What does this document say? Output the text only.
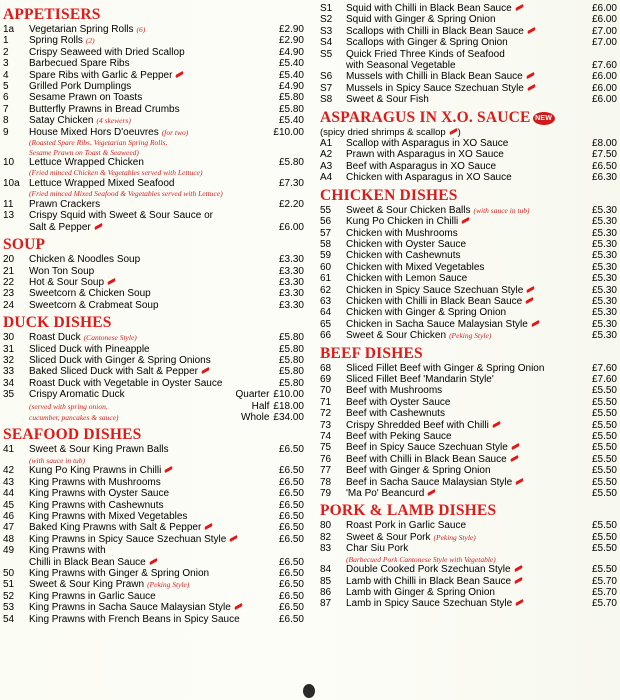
APPETISERS
1a	Vegetarian Spring Rolls (6)	£2.90
1	Spring Rolls (2)	£2.90
2	Crispy Seaweed with Dried Scallop	£4.90
3	Barbecued Spare Ribs	£5.40
4	Spare Ribs with Garlic & Pepper	£5.40
5	Grilled Pork Dumplings	£4.90
6	Sesame Prawn on Toasts	£5.80
7	Butterfly Prawns in Bread Crumbs	£5.80
8	Satay Chicken (4 skewers)	£5.40
9	House Mixed Hors D'oeuvres (for two)	£10.00
(Roasted Spare Ribs, Vegetarian Spring Rolls,
Sesame Prawn on Toast & Seaweed)
10	Lettuce Wrapped Chicken	£5.80
(Fried minced Chicken & Vegetables served with Lettuce)
10a Lettuce Wrapped Mixed Seafood	£7.30
(Fried minced Mixed Seafood & Vegetables served with Lettuce)
11	Prawn Crackers	£2.20
13	Crispy Squid with Sweet & Sour Sauce or
Salt & Pepper	£6.00
SOUP
20	Chicken & Noodles Soup	£3.30
21	Won Ton Soup	£3.30
22	Hot & Sour Soup	£3.30
23	Sweetcorn & Chicken Soup	£3.30
24	Sweetcorn & Crabmeat Soup	£3.30
DUCK DISHES
30	Roast Duck (Cantonese Style)	£5.80
31	Sliced Duck with Pineapple	£5.80
32	Sliced Duck with Ginger & Spring Onions	£5.80
33	Baked Sliced Duck with Salt & Pepper	£5.80
34	Roast Duck with Vegetable in Oyster Sauce	£5.80
35	Crispy Aromatic Duck	Quarter £10.00
(served with spring onion,	Half £18.00
cucumber, pancakes & sauce)	Whole £34.00
SEAFOOD DISHES
41	Sweet & Sour King Prawn Balls	£6.50
(with sauce in tub)
42	Kung Po King Prawns in Chilli	£6.50
43	King Prawns with Mushrooms	£6.50
44	King Prawns with Oyster Sauce	£6.50
45	King Prawns with Cashewnuts	£6.50
46	King Prawns with Mixed Vegetables	£6.50
47	Baked King Prawns with Salt & Pepper	£6.50
48	King Prawns in Spicy Sauce Szechuan Style	£6.50
49	King Prawns with
Chilli in Black Bean Sauce	£6.50
50	King Prawns with Ginger & Spring Onion	£6.50
51	Sweet & Sour King Prawn (Peking Style)	£6.50
52	King Prawns in Garlic Sauce	£6.50
53	King Prawns in Sacha Sauce Malaysian Style	£6.50
54	King Prawns with French Beans in Spicy Sauce	£6.50
S1	Squid with Chilli in Black Bean Sauce	£6.00
S2	Squid with Ginger & Spring Onion	£6.00
S3	Scallops with Chilli in Black Bean Sauce	£7.00
S4	Scallops with Ginger & Spring Onion	£7.00
S5	Quick Fried Three Kinds of Seafood
with Seasonal Vegetable	£7.60
S6	Mussels with Chilli in Black Bean Sauce	£6.00
S7	Mussels in Spicy Sauce Szechuan Style	£6.00
S8	Sweet & Sour Fish	£6.00
ASPARAGUS IN X.O. SAUCE NEW
(spicy dried shrimps & scallop )
A1	Scallop with Asparagus in XO Sauce	£8.00
A2	Prawn with Asparagus in XO Sauce	£7.50
A3	Beef with Asparagus in XO Sauce	£6.50
A4	Chicken with Asparagus in XO Sauce	£6.30
CHICKEN DISHES
55	Sweet & Sour Chicken Balls (with sauce in tub)	£5.30
56	Kung Po Chicken in Chilli	£5.30
57	Chicken with Mushrooms	£5.30
58	Chicken with Oyster Sauce	£5.30
59	Chicken with Cashewnuts	£5.30
60	Chicken with Mixed Vegetables	£5.30
61	Chicken with Lemon Sauce	£5.30
62	Chicken in Spicy Sauce Szechuan Style	£5.30
63	Chicken with Chilli in Black Bean Sauce	£5.30
64	Chicken with Ginger & Spring Onion	£5.30
65	Chicken in Sacha Sauce Malaysian Style	£5.30
66	Sweet & Sour Chicken (Peking Style)	£5.30
BEEF DISHES
68	Sliced Fillet Beef with Ginger & Spring Onion	£7.60
69	Sliced Fillet Beef 'Mandarin Style'	£7.60
70	Beef with Mushrooms	£5.50
71	Beef with Oyster Sauce	£5.50
72	Beef with Cashewnuts	£5.50
73	Crispy Shredded Beef with Chilli	£5.50
74	Beef with Peking Sauce	£5.50
75	Beef in Spicy Sauce Szechuan Style	£5.50
76	Beef with Chilli in Black Bean Sauce	£5.50
77	Beef with Ginger & Spring Onion	£5.50
78	Beef in Sacha Sauce Malaysian Style	£5.50
79	'Ma Po' Beancurd	£5.50
PORK & LAMB DISHES
80	Roast Pork in Garlic Sauce	£5.50
82	Sweet & Sour Pork (Peking Style)	£5.50
83	Char Siu Pork	£5.50
(Barbecued Pork Cantonese Style with Vegetable)
84	Double Cooked Pork Szechuan Style	£5.50
85	Lamb with Chilli in Black Bean Sauce	£5.70
86	Lamb with Ginger & Spring Onion	£5.70
87	Lamb in Spicy Sauce Szechuan Style	£5.70
